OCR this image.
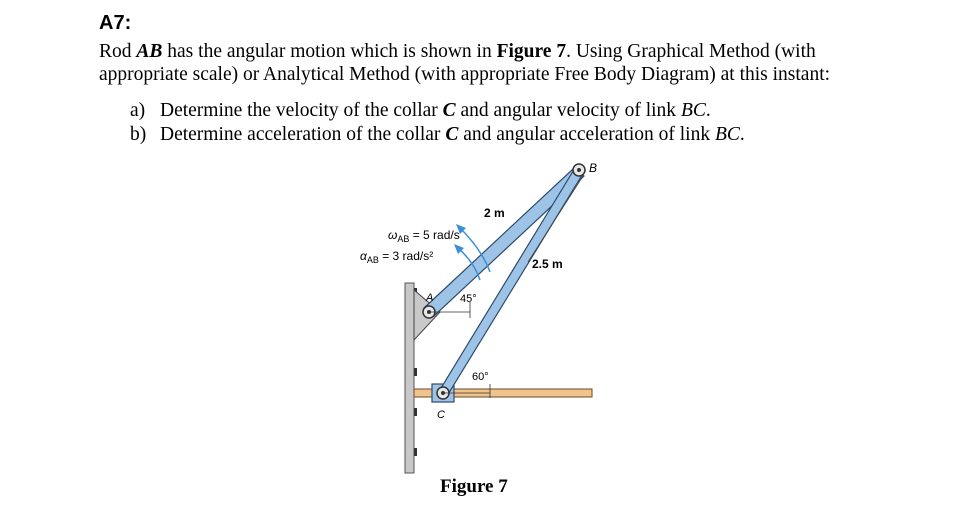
A7:
Rod AB has the angular motion which is shown in Figure 7. Using Graphical Method (with appropriate scale) or Analytical Method (with appropriate Free Body Diagram) at this instant:
a) Determine the velocity of the collar C and angular velocity of link BC.
b) Determine acceleration of the collar C and angular acceleration of link BC.
$\omega_{AB} = 5$ rad/s
$\alpha_{AB} = 3$ rad/s²
2 m
2.5 m
45°
60°
A
B
C
Figure 7
